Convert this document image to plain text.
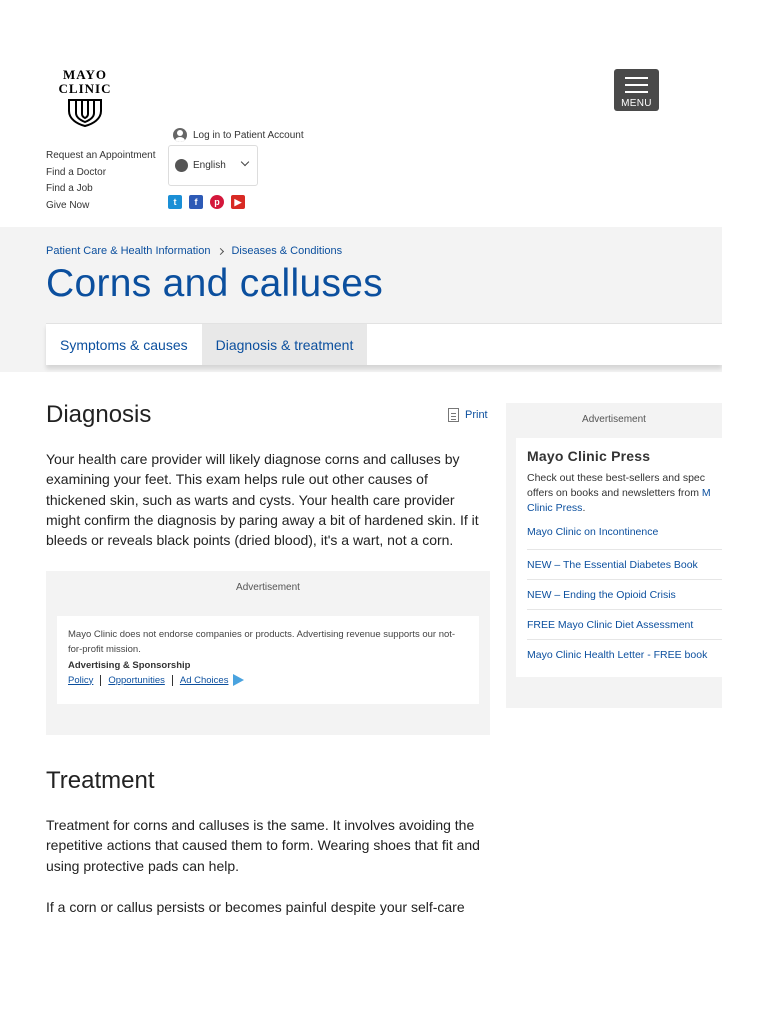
MAYO
CLINIC
MENU
Log in to Patient Account
Request an Appointment
Find a Doctor
Find a Job
Give Now
English
t	f	p	▶
Patient Care & Health Information Diseases & Conditions
Corns and calluses
Symptoms & causes	Diagnosis & treatment
Diagnosis	Print

Your health care provider will likely diagnose corns and calluses by examining your feet. This exam helps rule out other causes of thickened skin, such as warts and cysts. Your health care provider might confirm the diagnosis by paring away a bit of hardened skin. If it bleeds or reveals black points (dried blood), it's a wart, not a corn.

Advertisement
Mayo Clinic does not endorse companies or products. Advertising revenue supports our not-for-profit mission.
Advertising & Sponsorship
Policy	Opportunities	Ad Choices
Treatment

Treatment for corns and calluses is the same. It involves avoiding the repetitive actions that caused them to form. Wearing shoes that fit and using protective pads can help.

If a corn or callus persists or becomes painful despite your self-care

Advertisement
Mayo Clinic Press
Check out these best-sellers and spec
offers on books and newsletters from M
Clinic Press.
Mayo Clinic on Incontinence
NEW – The Essential Diabetes Book
NEW – Ending the Opioid Crisis
FREE Mayo Clinic Diet Assessment
Mayo Clinic Health Letter - FREE book
